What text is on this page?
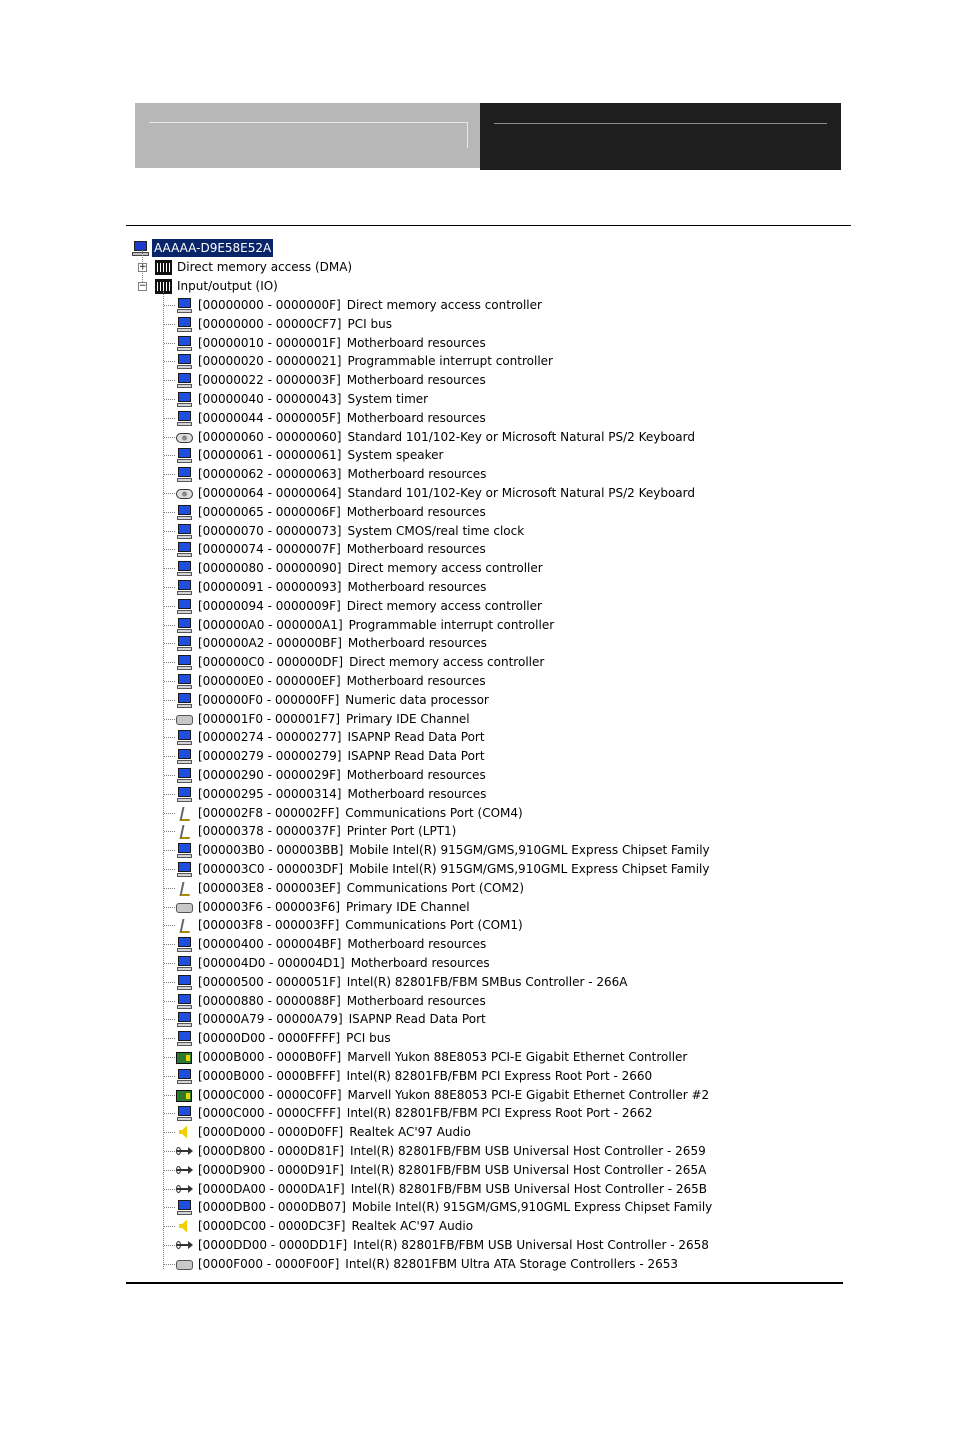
AAAAA-D9E58E52A
+	Direct memory access (DMA)
−	Input/output (IO)
[00000000 - 0000000F] Direct memory access controller
[00000000 - 00000CF7] PCI bus
[00000010 - 0000001F] Motherboard resources
[00000020 - 00000021] Programmable interrupt controller
[00000022 - 0000003F] Motherboard resources
[00000040 - 00000043] System timer
[00000044 - 0000005F] Motherboard resources
[00000060 - 00000060] Standard 101/102-Key or Microsoft Natural PS/2 Keyboard
[00000061 - 00000061] System speaker
[00000062 - 00000063] Motherboard resources
[00000064 - 00000064] Standard 101/102-Key or Microsoft Natural PS/2 Keyboard
[00000065 - 0000006F] Motherboard resources
[00000070 - 00000073] System CMOS/real time clock
[00000074 - 0000007F] Motherboard resources
[00000080 - 00000090] Direct memory access controller
[00000091 - 00000093] Motherboard resources
[00000094 - 0000009F] Direct memory access controller
[000000A0 - 000000A1] Programmable interrupt controller
[000000A2 - 000000BF] Motherboard resources
[000000C0 - 000000DF] Direct memory access controller
[000000E0 - 000000EF] Motherboard resources
[000000F0 - 000000FF] Numeric data processor
[000001F0 - 000001F7] Primary IDE Channel
[00000274 - 00000277] ISAPNP Read Data Port
[00000279 - 00000279] ISAPNP Read Data Port
[00000290 - 0000029F] Motherboard resources
[00000295 - 00000314] Motherboard resources
[000002F8 - 000002FF] Communications Port (COM4)
[00000378 - 0000037F] Printer Port (LPT1)
[000003B0 - 000003BB] Mobile Intel(R) 915GM/GMS,910GML Express Chipset Family
[000003C0 - 000003DF] Mobile Intel(R) 915GM/GMS,910GML Express Chipset Family
[000003E8 - 000003EF] Communications Port (COM2)
[000003F6 - 000003F6] Primary IDE Channel
[000003F8 - 000003FF] Communications Port (COM1)
[00000400 - 000004BF] Motherboard resources
[000004D0 - 000004D1] Motherboard resources
[00000500 - 0000051F] Intel(R) 82801FB/FBM SMBus Controller - 266A
[00000880 - 0000088F] Motherboard resources
[00000A79 - 00000A79] ISAPNP Read Data Port
[00000D00 - 0000FFFF] PCI bus
[0000B000 - 0000B0FF] Marvell Yukon 88E8053 PCI-E Gigabit Ethernet Controller
[0000B000 - 0000BFFF] Intel(R) 82801FB/FBM PCI Express Root Port - 2660
[0000C000 - 0000C0FF] Marvell Yukon 88E8053 PCI-E Gigabit Ethernet Controller #2
[0000C000 - 0000CFFF] Intel(R) 82801FB/FBM PCI Express Root Port - 2662
[0000D000 - 0000D0FF] Realtek AC'97 Audio
[0000D800 - 0000D81F] Intel(R) 82801FB/FBM USB Universal Host Controller - 2659
[0000D900 - 0000D91F] Intel(R) 82801FB/FBM USB Universal Host Controller - 265A
[0000DA00 - 0000DA1F] Intel(R) 82801FB/FBM USB Universal Host Controller - 265B
[0000DB00 - 0000DB07] Mobile Intel(R) 915GM/GMS,910GML Express Chipset Family
[0000DC00 - 0000DC3F] Realtek AC'97 Audio
[0000DD00 - 0000DD1F] Intel(R) 82801FB/FBM USB Universal Host Controller - 2658
[0000F000 - 0000F00F] Intel(R) 82801FBM Ultra ATA Storage Controllers - 2653
